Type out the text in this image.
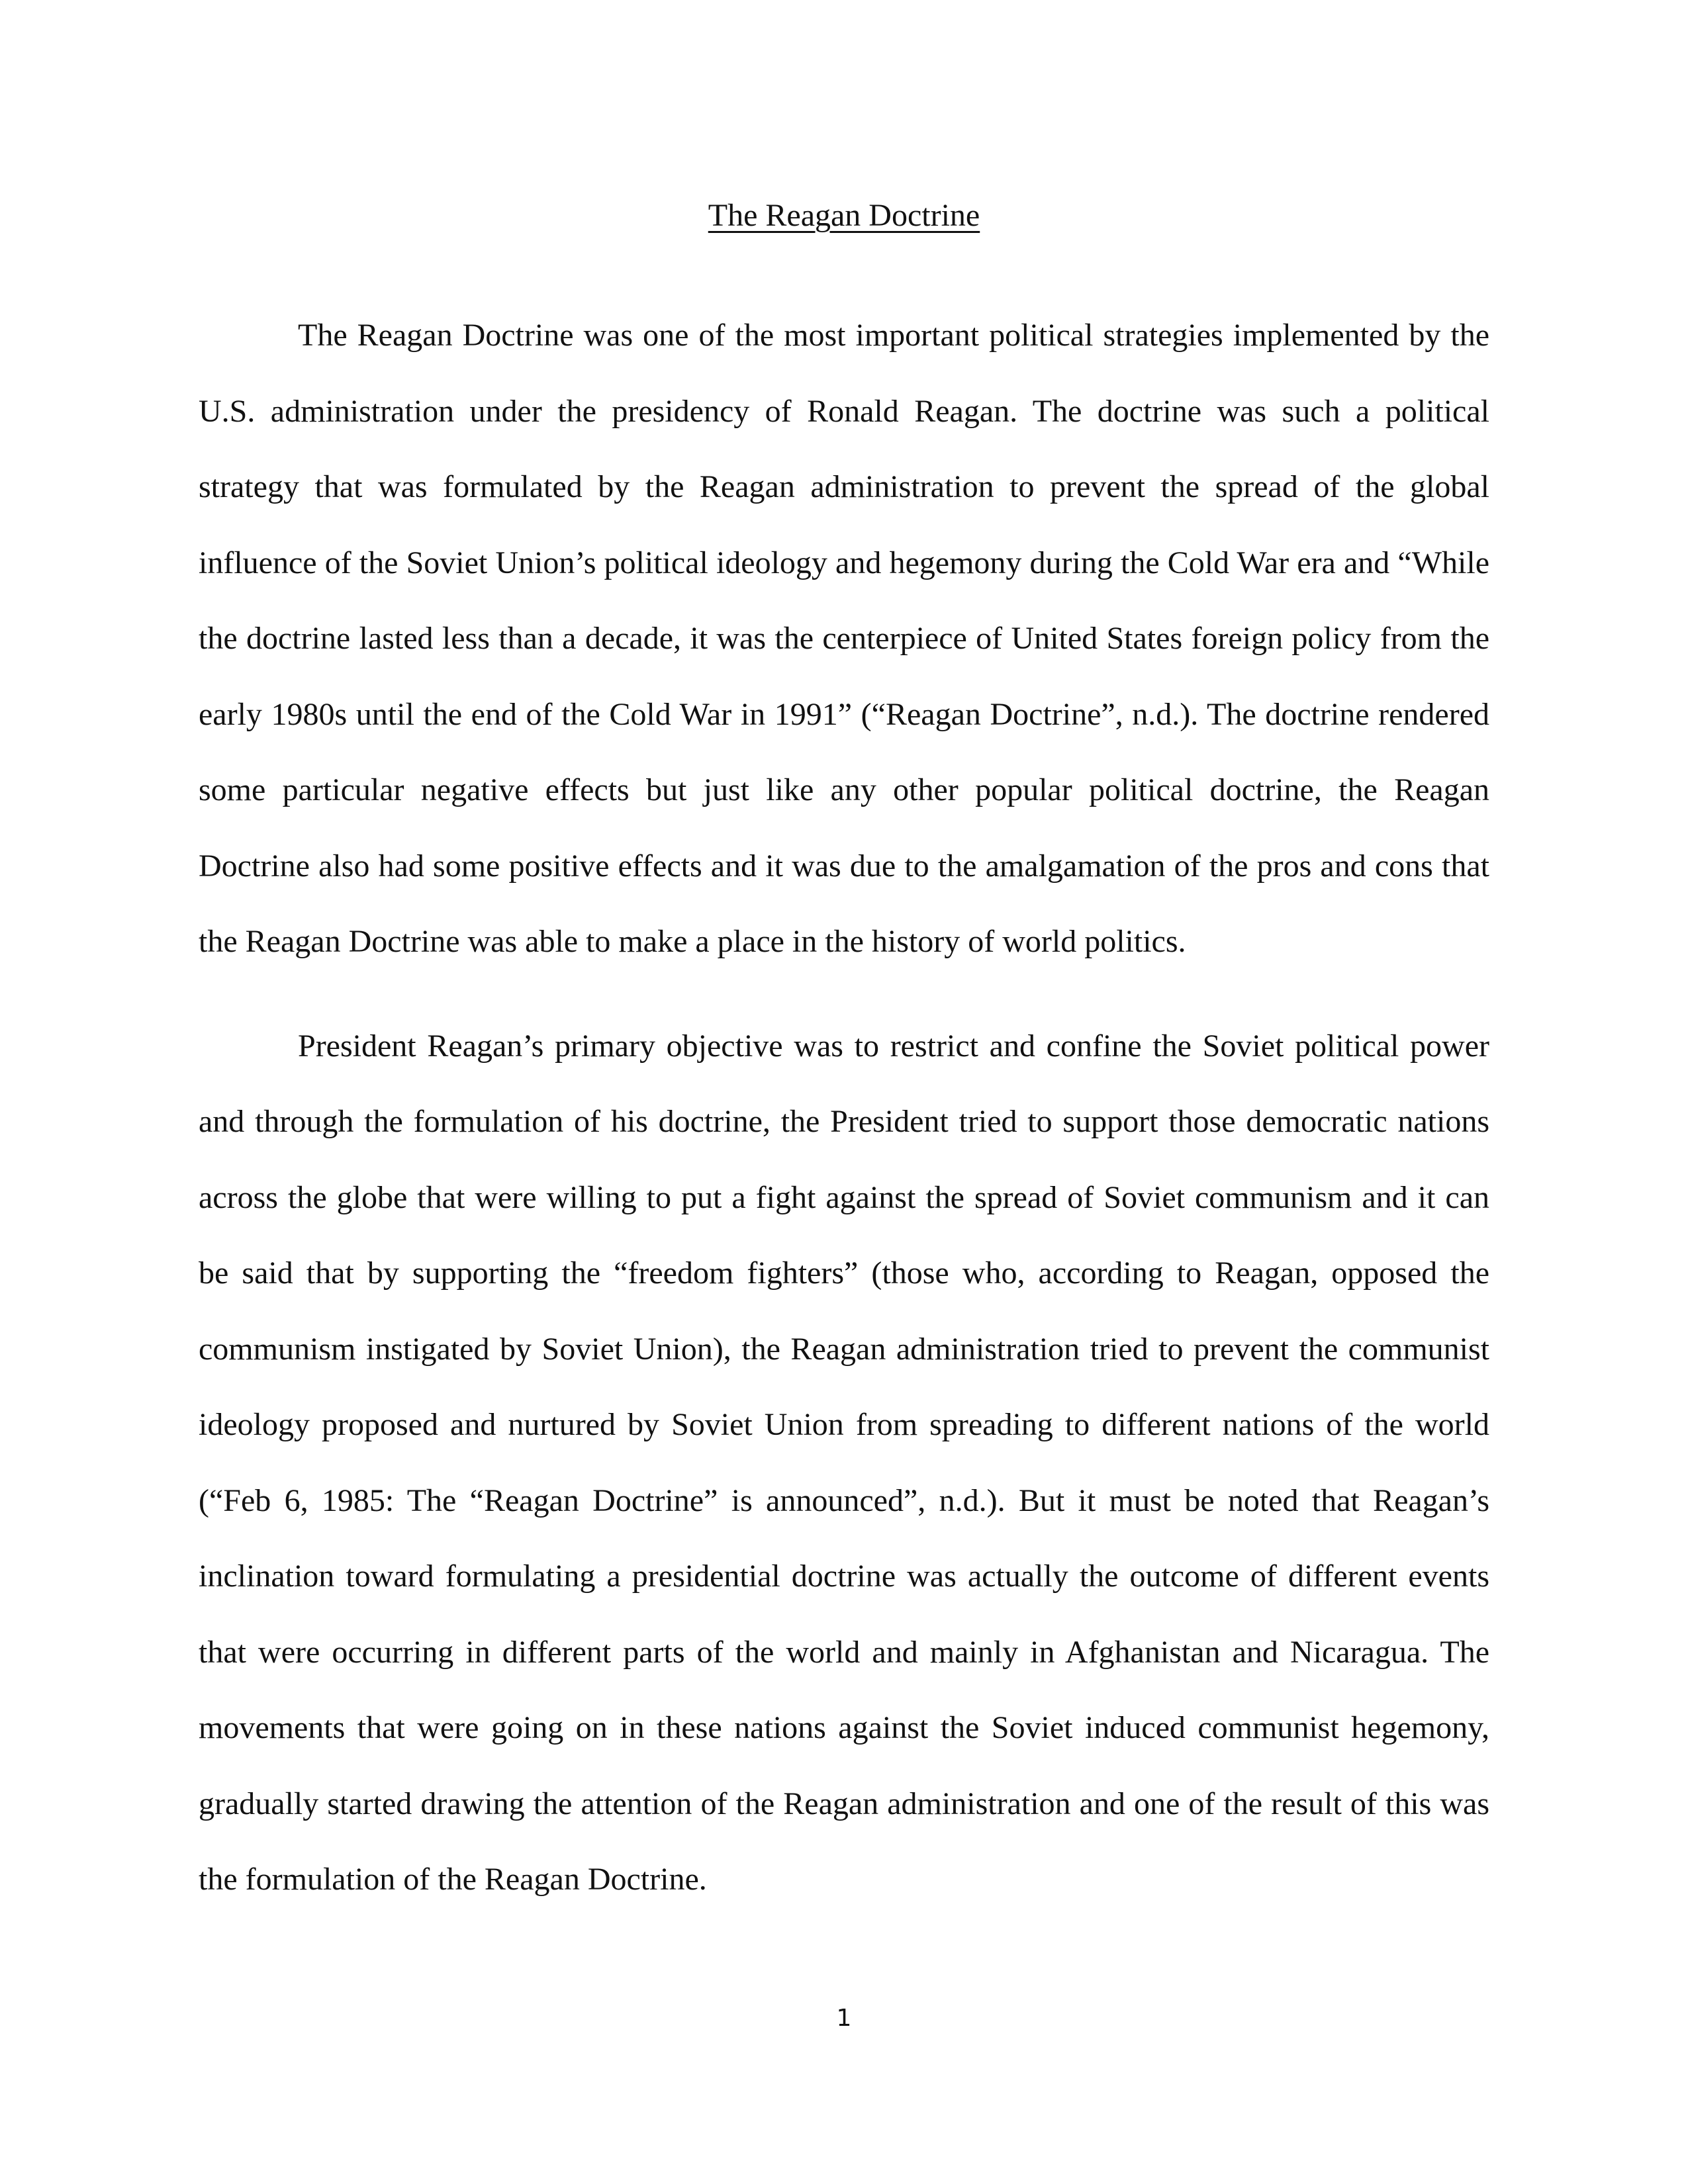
The Reagan Doctrine

The Reagan Doctrine was one of the most important political strategies implemented by the U.S. administration under the presidency of Ronald Reagan. The doctrine was such a political strategy that was formulated by the Reagan administration to prevent the spread of the global influence of the Soviet Union’s political ideology and hegemony during the Cold War era and “While the doctrine lasted less than a decade, it was the centerpiece of United States foreign policy from the early 1980s until the end of the Cold War in 1991” (“Reagan Doctrine”, n.d.). The doctrine rendered some particular negative effects but just like any other popular political doctrine, the Reagan Doctrine also had some positive effects and it was due to the amalgamation of the pros and cons that the Reagan Doctrine was able to make a place in the history of world politics.

President Reagan’s primary objective was to restrict and confine the Soviet political power and through the formulation of his doctrine, the President tried to support those democratic nations across the globe that were willing to put a fight against the spread of Soviet communism and it can be said that by supporting the “freedom fighters” (those who, according to Reagan, opposed the communism instigated by Soviet Union), the Reagan administration tried to prevent the communist ideology proposed and nurtured by Soviet Union from spreading to different nations of the world (“Feb 6, 1985: The “Reagan Doctrine” is announced”, n.d.). But it must be noted that Reagan’s inclination toward formulating a presidential doctrine was actually the outcome of different events that were occurring in different parts of the world and mainly in Afghanistan and Nicaragua. The movements that were going on in these nations against the Soviet induced communist hegemony, gradually started drawing the attention of the Reagan administration and one of the result of this was the formulation of the Reagan Doctrine.

1
